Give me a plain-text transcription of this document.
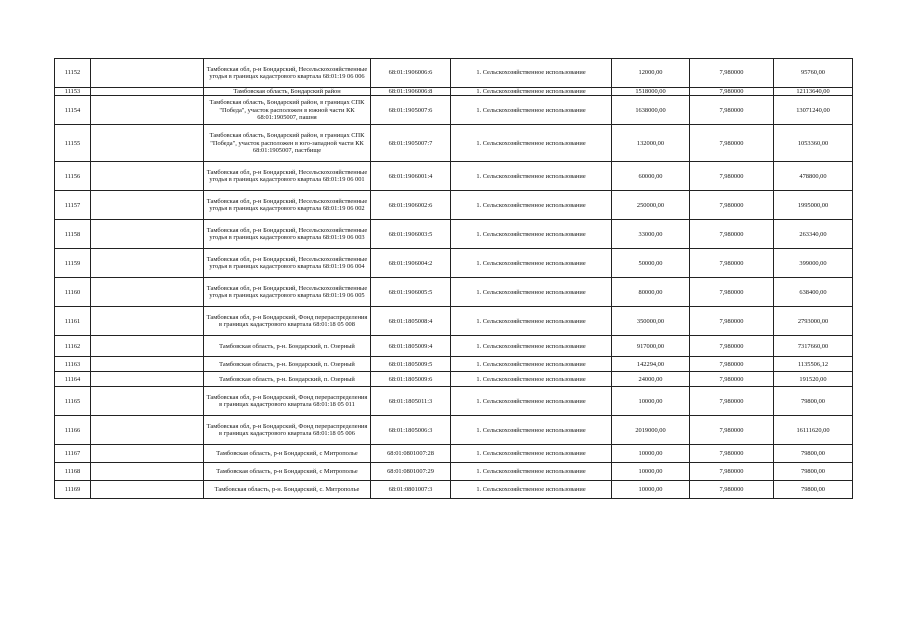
11152		Тамбовская обл, р-н Бондарский, Несельскохозяйственные угодья в границах кадастрового квартала 68:01:19 06 006	68:01:1906006:6	1. Сельскохозяйственное использование	12000,00	7,980000	95760,00
11153		Тамбовская область, Бондарский район	68:01:1906006:8	1. Сельскохозяйственное использование	1518000,00	7,980000	12113640,00
11154		Тамбовская область, Бондарский район, в границах СПК "Победа", участок расположен в южной части КК 68:01:1905007, пашня	68:01:1905007:6	1. Сельскохозяйственное использование	1638000,00	7,980000	13071240,00
11155		Тамбовская область, Бондарский район, в границах СПК "Победа", участок расположен в юго-западной части КК 68:01:1905007, пастбище	68:01:1905007:7	1. Сельскохозяйственное использование	132000,00	7,980000	1053360,00
11156		Тамбовская обл, р-н Бондарский, Несельскохозяйственные угодья в границах кадастрового квартала 68:01:19 06 001	68:01:1906001:4	1. Сельскохозяйственное использование	60000,00	7,980000	478800,00
11157		Тамбовская обл, р-н Бондарский, Несельскохозяйственные угодья в границах кадастрового квартала 68:01:19 06 002	68:01:1906002:6	1. Сельскохозяйственное использование	250000,00	7,980000	1995000,00
11158		Тамбовская обл, р-н Бондарский, Несельскохозяйственные угодья в границах кадастрового квартала 68:01:19 06 003	68:01:1906003:5	1. Сельскохозяйственное использование	33000,00	7,980000	263340,00
11159		Тамбовская обл, р-н Бондарский, Несельскохозяйственные угодья в границах кадастрового квартала 68:01:19 06 004	68:01:1906004:2	1. Сельскохозяйственное использование	50000,00	7,980000	399000,00
11160		Тамбовская обл, р-н Бондарский, Несельскохозяйственные угодья в границах кадастрового квартала 68:01:19 06 005	68:01:1906005:5	1. Сельскохозяйственное использование	80000,00	7,980000	638400,00
11161		Тамбовская обл, р-н Бондарский, Фонд перераспределения в границах кадастрового квартала 68:01:18 05 008	68:01:1805008:4	1. Сельскохозяйственное использование	350000,00	7,980000	2793000,00
11162		Тамбовская область, р-н. Бондарский, п. Озерный	68:01:1805009:4	1. Сельскохозяйственное использование	917000,00	7,980000	7317660,00
11163		Тамбовская область, р-н. Бондарский, п. Озерный	68:01:1805009:5	1. Сельскохозяйственное использование	142294,00	7,980000	1135506,12
11164		Тамбовская область, р-н. Бондарский, п. Озерный	68:01:1805009:6	1. Сельскохозяйственное использование	24000,00	7,980000	191520,00
11165		Тамбовская обл, р-н Бондарский, Фонд перераспределения в границах кадастрового квартала 68:01:18 05 011	68:01:1805011:3	1. Сельскохозяйственное использование	10000,00	7,980000	79800,00
11166		Тамбовская обл, р-н Бондарский, Фонд перераспределения в границах кадастрового квартала 68:01:18 05 006	68:01:1805006:3	1. Сельскохозяйственное использование	2019000,00	7,980000	16111620,00
11167		Тамбовская область, р-н Бондарский, с Митрополье	68:01:0801007:28	1. Сельскохозяйственное использование	10000,00	7,980000	79800,00
11168		Тамбовская область, р-н Бондарский, с Митрополье	68:01:0801007:29	1. Сельскохозяйственное использование	10000,00	7,980000	79800,00
11169		Тамбовская область, р-н. Бондарский, с. Митрополье	68:01:0801007:3	1. Сельскохозяйственное использование	10000,00	7,980000	79800,00
